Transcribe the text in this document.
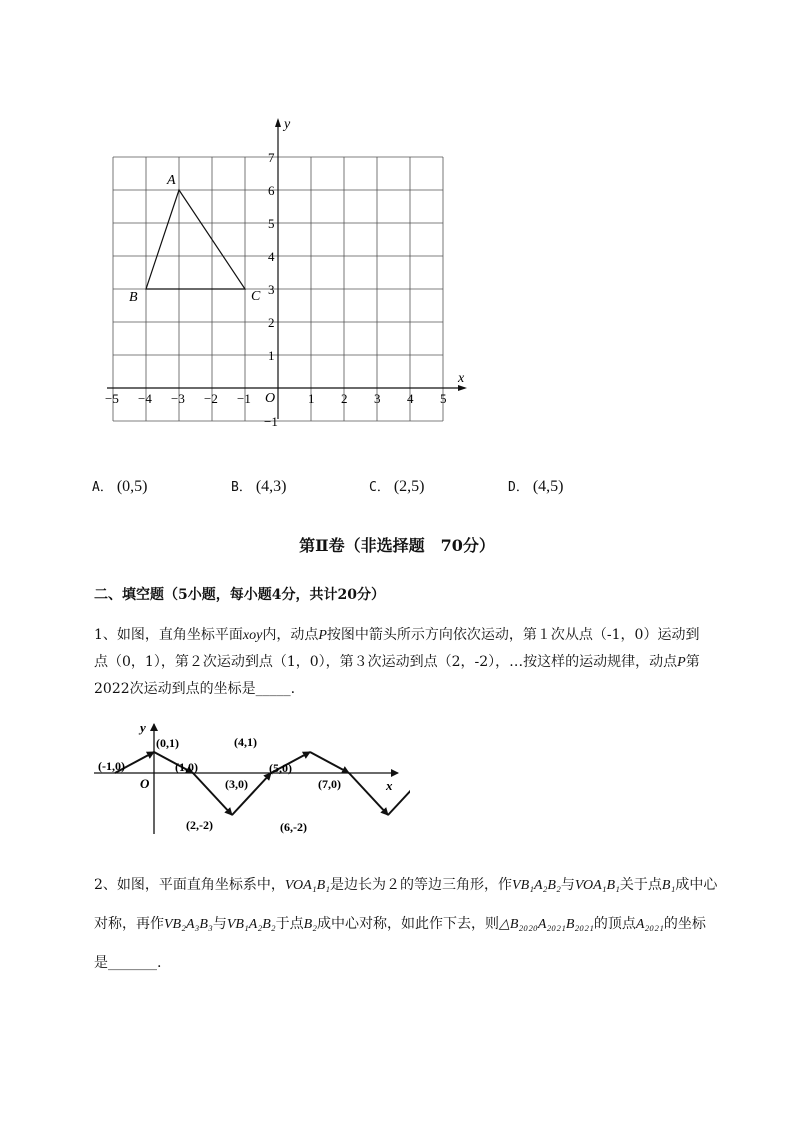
−5 −4 −3 −2 −1	1 2 3 4 5
7
6
5
4
3
2
1
−1
A
B	C
y
x
O
A． (0,5)	B． (4,3)	C． (2,5)	D． (4,5)
第Ⅱ卷（非选择题　70分）
二、填空题（5小题，每小题4分，共计20分）
1、如图，直角坐标平面xoy内，动点P按图中箭头所示方向依次运动，第１次从点（-1，0）运动到
点（0，1），第２次运动到点（1，0），第３次运动到点（2，-2），…按这样的运动规律，动点P第
2022次运动到点的坐标是_____.
y
x
O
(-1,0)
(0,1)
(1,0)
(2,-2)
(3,0)
(4,1)
(5,0)
(6,-2)
(7,0)
2、如图，平面直角坐标系中，VOA₁B₁是边长为２的等边三角形，作VB₁A₂B₂与VOA₁B₁关于点B₁成中心
对称，再作VB₂A₃B₃与VB₁A₂B₂于点B₂成中心对称，如此作下去，则△B₂₀₂₀A₂₀₂₁B₂₀₂₁的顶点A₂₀₂₁的坐标
是_______.
